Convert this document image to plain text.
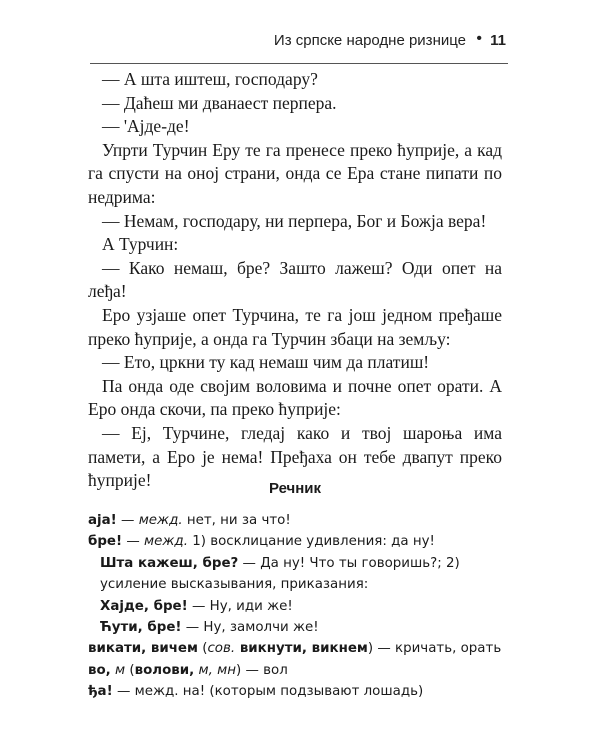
Из српске народне ризнице • 11

— А шта иштеш, господару?

— Даћеш ми дванаест перпера.

— 'Ајде-де!

Упрти Турчин Еру те га пренесе преко ћуприје, а кад га спусти на оној страни, онда се Ера стане пипати по недрима:

— Немам, господару, ни перпера, Бог и Божја вера!

А Турчин:

— Како немаш, бре? Зашто лажеш? Оди опет на леђа!

Еро узјаше опет Турчина, те га још једном пређаше преко ћуприје, а онда га Турчин збаци на земљу:

— Ето, цркни ту кад немаш чим да платиш!

Па онда оде својим воловима и почне опет орати. А Еро онда скочи, па преко ћуприје:

— Еј, Турчине, гледај како и твој шароња има памети, а Еро је нема! Пређаха он тебе двапут преко ћуприје!	Речник

аја! — межд. нет, ни за что!

бре! — межд. 1) восклицание удивления: да ну!

Шта кажеш, бре? — Да ну! Что ты говоришь?; 2) усиление высказывания, приказания:

Хајде, бре! — Ну, иди же!

Ћути, бре! — Ну, замолчи же!

викати, вичем (сов. викнути, викнем) — кричать, орать

во, м (волови, м, мн) — вол

ђа! — межд. на! (которым подзывают лошадь)
